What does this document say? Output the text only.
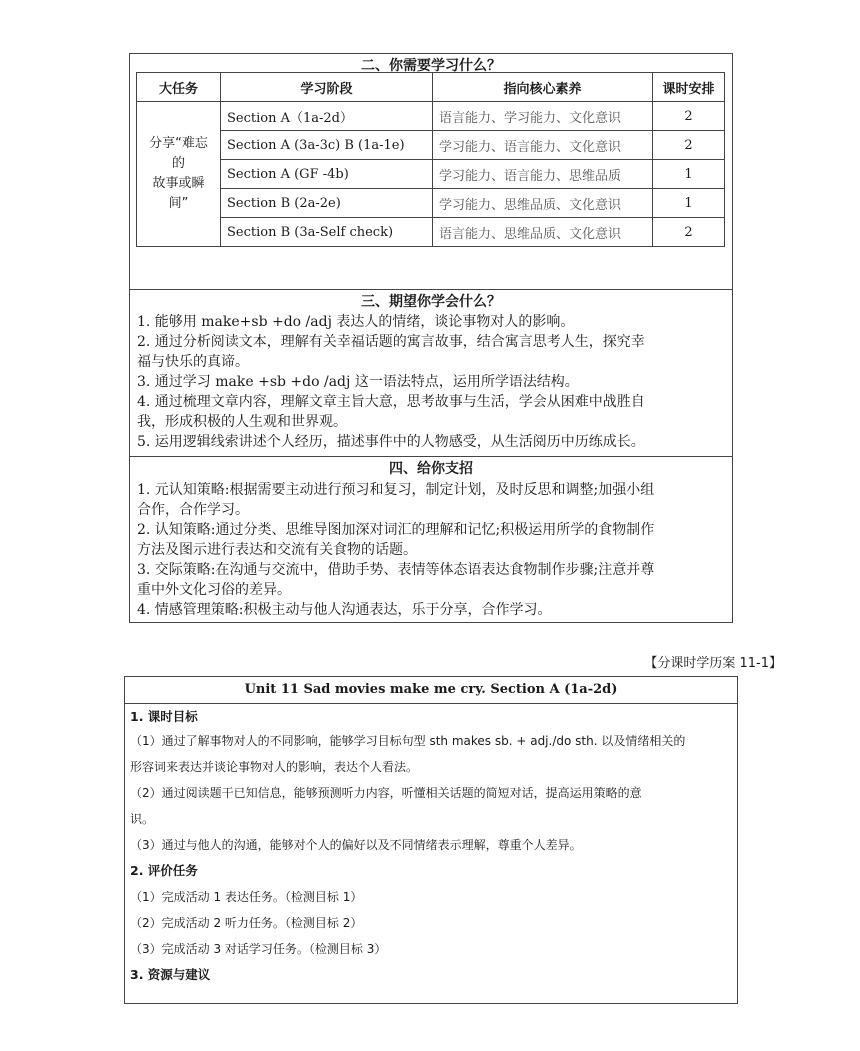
二、你需要学习什么？
大任务	学习阶段	指向核心素养	课时安排

分享“难忘的
故事或瞬间”	Section A（1a-2d）	语言能力、学习能力、文化意识	2
	Section A (3a-3c) B (1a-1e)	学习能力、语言能力、文化意识	2
	Section A (GF -4b)	学习能力、语言能力、思维品质	1
	Section B (2a-2e)	学习能力、思维品质、文化意识	1
	Section B (3a-Self check)	语言能力、思维品质、文化意识	2
三、期望你学会什么？
1. 能够用 make+sb +do /adj 表达人的情绪，谈论事物对人的影响。
2. 通过分析阅读文本，理解有关幸福话题的寓言故事，结合寓言思考人生，探究幸
福与快乐的真谛。
3. 通过学习 make +sb +do /adj 这一语法特点，运用所学语法结构。
4. 通过梳理文章内容，理解文章主旨大意，思考故事与生活，学会从困难中战胜自
我，形成积极的人生观和世界观。
5. 运用逻辑线索讲述个人经历，描述事件中的人物感受，从生活阅历中历练成长。
四、给你支招
1. 元认知策略:根据需要主动进行预习和复习，制定计划，及时反思和调整;加强小组
合作，合作学习。
2. 认知策略:通过分类、思维导图加深对词汇的理解和记忆;积极运用所学的食物制作
方法及图示进行表达和交流有关食物的话题。
3. 交际策略:在沟通与交流中，借助手势、表情等体态语表达食物制作步骤;注意并尊
重中外文化习俗的差异。
4. 情感管理策略:积极主动与他人沟通表达，乐于分享，合作学习。
【分课时学历案 11-1】
Unit 11 Sad movies make me cry. Section A (1a-2d)
1. 课时目标
（1）通过了解事物对人的不同影响，能够学习目标句型 sth makes sb. + adj./do sth. 以及情绪相关的
形容词来表达并谈论事物对人的影响，表达个人看法。
（2）通过阅读题干已知信息，能够预测听力内容，听懂相关话题的简短对话，提高运用策略的意
识。
（3）通过与他人的沟通，能够对个人的偏好以及不同情绪表示理解，尊重个人差异。
2. 评价任务
（1）完成活动 1 表达任务。（检测目标 1）
（2）完成活动 2 听力任务。（检测目标 2）
（3）完成活动 3 对话学习任务。（检测目标 3）
3. 资源与建议
